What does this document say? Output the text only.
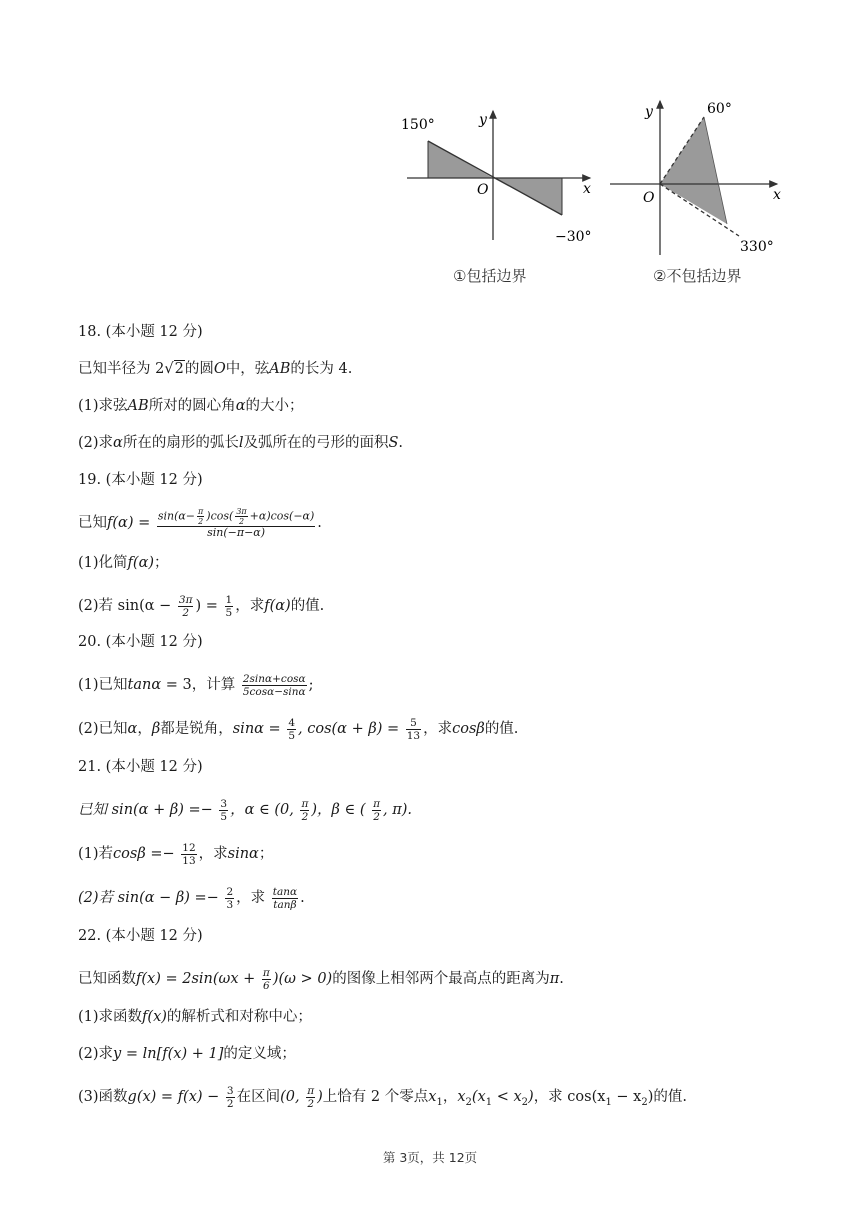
150°
−30°
x
y
O
①包括边界
60°
330°
x
y
O
②不包括边界
18. (本小题 12 分)
已知半径为 2√2的圆O中，弦AB的长为 4.
(1)求弦AB所对的圆心角α的大小；
(2)求α所在的扇形的弧长l及弧所在的弓形的面积S.
19. (本小题 12 分)
已知$f(\alpha) = \frac{\sin(\alpha- \frac{\pi}{2} )\cos( \frac{3\pi}{2} +\alpha)\cos(-\alpha)}{\sin(-\pi-\alpha)}$ .
(1)化简f(α)；
(2)若 $\sin(\alpha - \frac{3\pi}{2}$ ) = $\frac{1}{5}$ ，求f(α)的值.
20. (本小题 12 分)
(1)已知tanα = 3，计算 $\frac{2\sin\alpha+\cos\alpha}{5\cos\alpha-\sin\alpha}$ ;
(2)已知α，β都是锐角，$\sin\alpha = \frac{4}{5}$ , $\cos(\alpha + \beta) = \frac{5}{13}$ ，求cosβ的值.
21. (本小题 12 分)
已知 $\sin(\alpha + \beta) =- \frac{3}{5}$ ，α ∈ (0, $\frac{\pi}{2}$ )，β ∈ ( $\frac{\pi}{2}$ , π).
(1)若$\cos\beta =- \frac{12}{13}$ ，求sinα；
(2)若 $\sin(\alpha - \beta) =- \frac{2}{3}$ ，求 $\frac{\tan\alpha}{\tan\beta}$ .
22. (本小题 12 分)
已知函数$f(x) = 2\sin(\omega x + \frac{\pi}{6} )(\omega > 0)$的图像上相邻两个最高点的距离为π.
(1)求函数f(x)的解析式和对称中心；
(2)求y = ln[f(x) + 1]的定义域；
(3)函数$g(x) = f(x) - \frac{3}{2}$ 在区间(0, $\frac{\pi}{2}$ )上恰有 2 个零点$x_1$，$x_2(x_1 < x_2)$，求 $\cos(x_1 - x_2)$的值.
第 3页，共 12页
